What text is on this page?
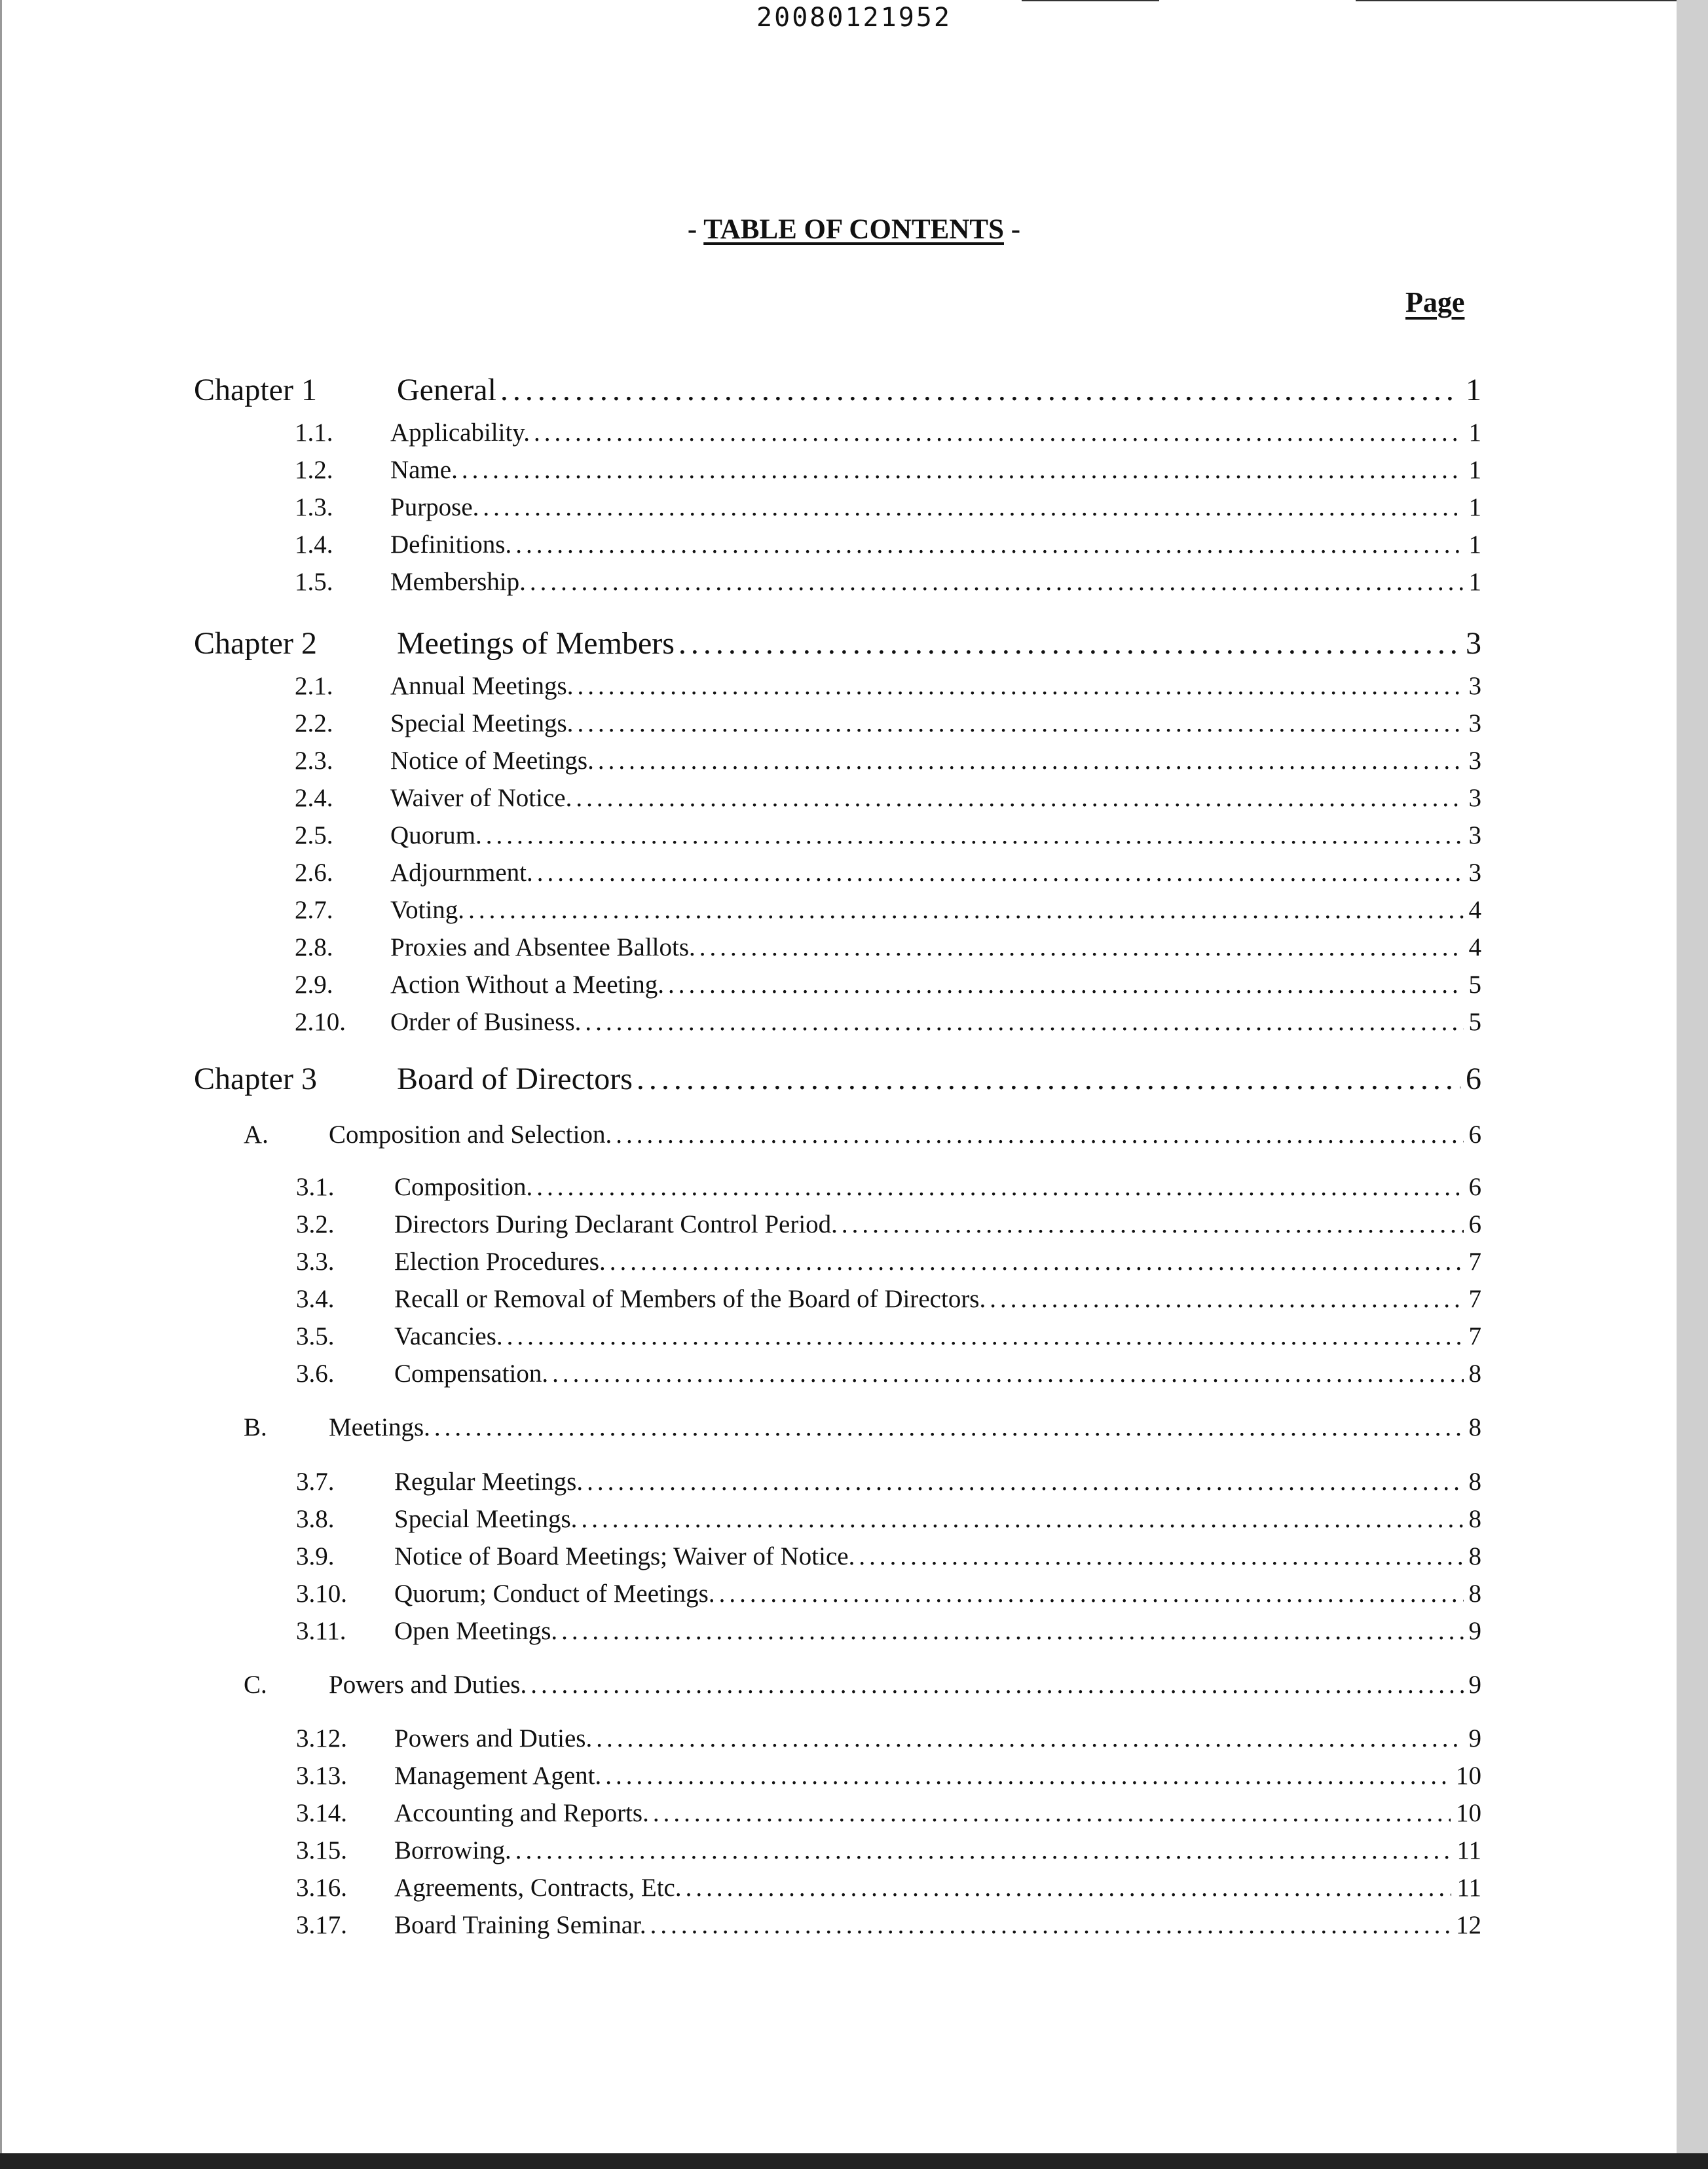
20080121952
- TABLE OF CONTENTS -
Page
Chapter 1	General .....	1
1.1.	Applicability. .....	1
1.2.	Name. .....	1
1.3.	Purpose. .....	1
1.4.	Definitions. .....	1
1.5.	Membership. .....	1
Chapter 2	Meetings of Members .....	3
2.1.	Annual Meetings. .....	3
2.2.	Special Meetings. .....	3
2.3.	Notice of Meetings. .....	3
2.4.	Waiver of Notice. .....	3
2.5.	Quorum. .....	3
2.6.	Adjournment. .....	3
2.7.	Voting. .....	4
2.8.	Proxies and Absentee Ballots. .....	4
2.9.	Action Without a Meeting. .....	5
2.10.	Order of Business. .....	5
Chapter 3	Board of Directors .....	6
A.	Composition and Selection. .....	6
3.1.	Composition. .....	6
3.2.	Directors During Declarant Control Period. .....	6
3.3.	Election Procedures. .....	7
3.4.	Recall or Removal of Members of the Board of Directors. .....	7
3.5.	Vacancies. .....	7
3.6.	Compensation. .....	8
B.	Meetings. .....	8
3.7.	Regular Meetings. .....	8
3.8.	Special Meetings. .....	8
3.9.	Notice of Board Meetings; Waiver of Notice. .....	8
3.10.	Quorum; Conduct of Meetings. .....	8
3.11.	Open Meetings. .....	9
C.	Powers and Duties. .....	9
3.12.	Powers and Duties. .....	9
3.13.	Management Agent. .....	10
3.14.	Accounting and Reports. .....	10
3.15.	Borrowing. .....	11
3.16.	Agreements, Contracts, Etc. .....	11
3.17.	Board Training Seminar. .....	12
